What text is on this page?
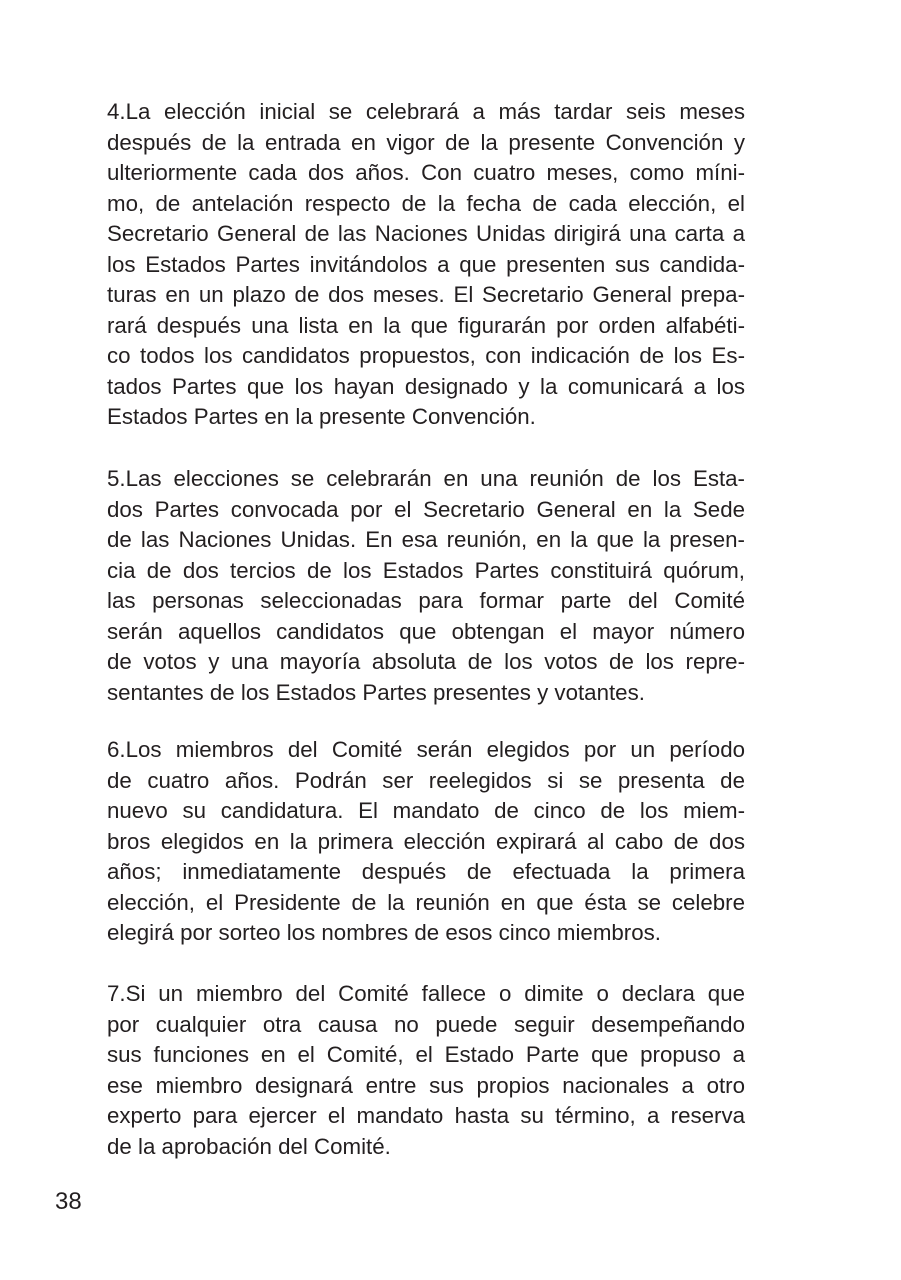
4.La elección inicial se celebrará a más tardar seis meses
después de la entrada en vigor de la presente Convención y
ulteriormente cada dos años. Con cuatro meses, como míni-
mo, de antelación respecto de la fecha de cada elección, el
Secretario General de las Naciones Unidas dirigirá una carta a
los Estados Partes invitándolos a que presenten sus candida-
turas en un plazo de dos meses. El Secretario General prepa-
rará después una lista en la que figurarán por orden alfabéti-
co todos los candidatos propuestos, con indicación de los Es-
tados Partes que los hayan designado y la comunicará a los
Estados Partes en la presente Convención.
5.Las elecciones se celebrarán en una reunión de los Esta-
dos Partes convocada por el Secretario General en la Sede
de las Naciones Unidas. En esa reunión, en la que la presen-
cia de dos tercios de los Estados Partes constituirá quórum,
las personas seleccionadas para formar parte del Comité
serán aquellos candidatos que obtengan el mayor número
de votos y una mayoría absoluta de los votos de los repre-
sentantes de los Estados Partes presentes y votantes.
6.Los miembros del Comité serán elegidos por un período
de cuatro años. Podrán ser reelegidos si se presenta de
nuevo su candidatura. El mandato de cinco de los miem-
bros elegidos en la primera elección expirará al cabo de dos
años; inmediatamente después de efectuada la primera
elección, el Presidente de la reunión en que ésta se celebre
elegirá por sorteo los nombres de esos cinco miembros.
7.Si un miembro del Comité fallece o dimite o declara que
por cualquier otra causa no puede seguir desempeñando
sus funciones en el Comité, el Estado Parte que propuso a
ese miembro designará entre sus propios nacionales a otro
experto para ejercer el mandato hasta su término, a reserva
de la aprobación del Comité.
38
